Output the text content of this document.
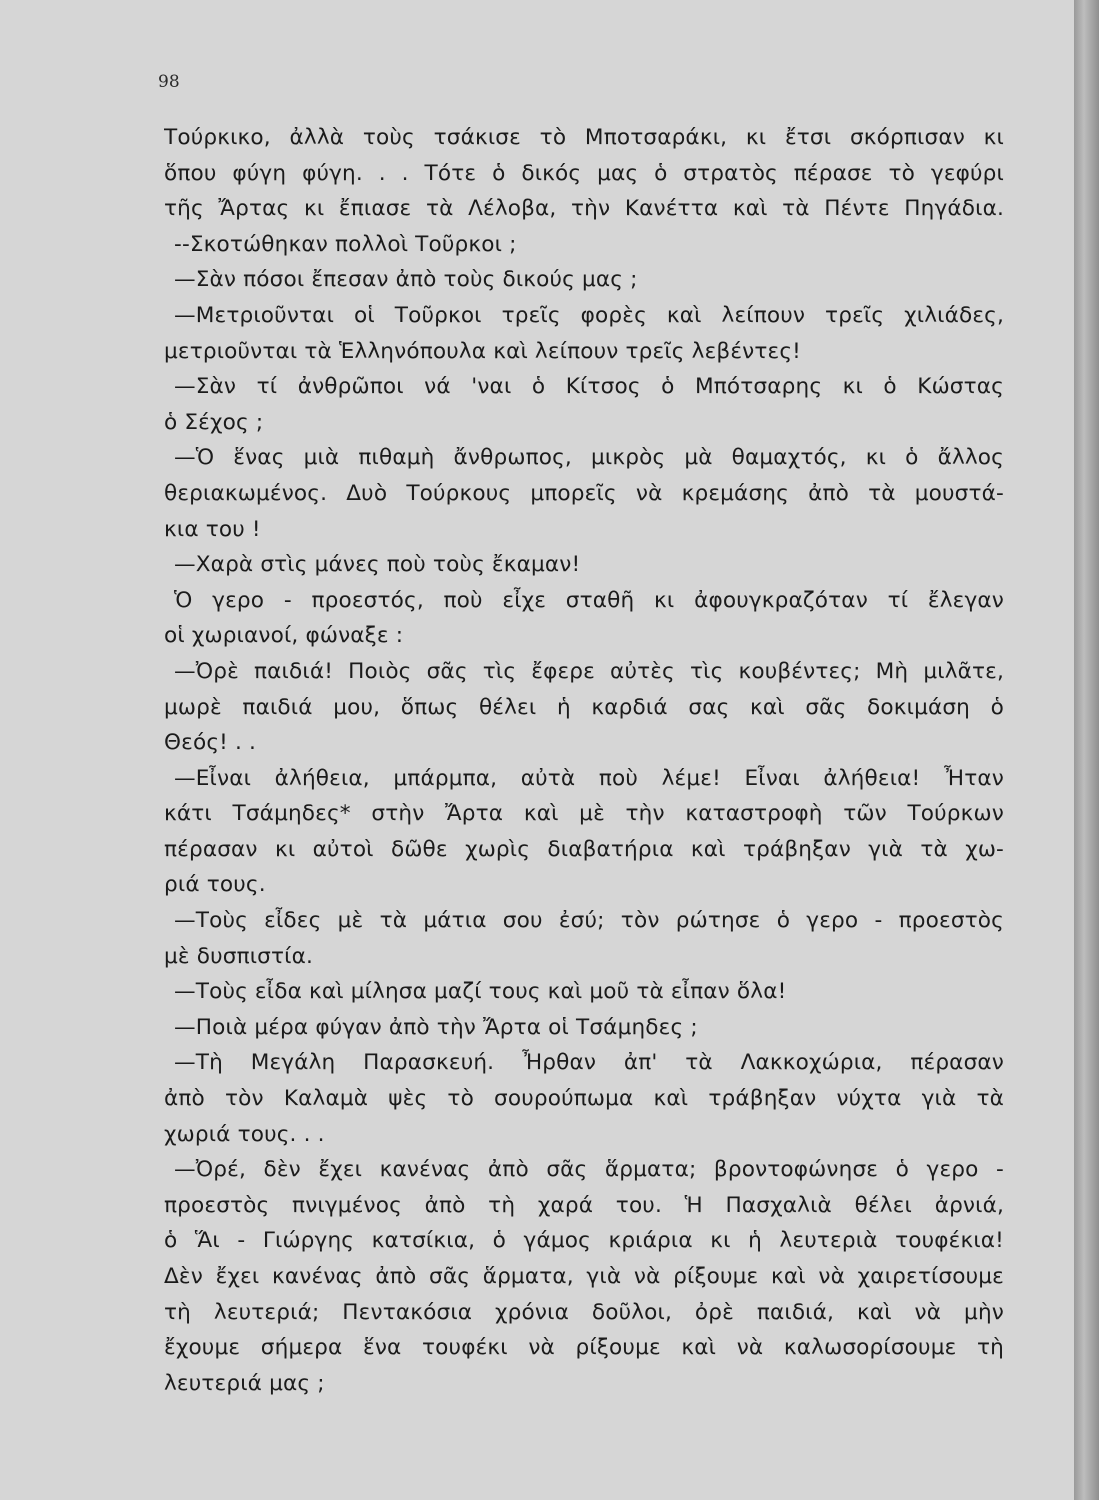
98
Τούρκικο, ἀλλὰ τοὺς τσάκισε τὸ Μποτσαράκι, κι ἔτσι σκόρπισαν κι
ὅπου φύγη φύγη. . . Τότε ὁ δικός μας ὁ στρατὸς πέρασε τὸ γεφύρι
τῆς Ἄρτας κι ἔπιασε τὰ Λέλοβα, τὴν Κανέττα καὶ τὰ Πέντε Πηγάδια.
--Σκοτώθηκαν πολλοὶ Τοῦρκοι ;
—Σὰν πόσοι ἔπεσαν ἀπὸ τοὺς δικούς μας ;
—Μετριοῦνται οἱ Τοῦρκοι τρεῖς φορὲς καὶ λείπουν τρεῖς χιλιάδες,
μετριοῦνται τὰ Ἑλληνόπουλα καὶ λείπουν τρεῖς λεβέντες!
—Σὰν τί ἀνθρῶποι νά 'ναι ὁ Κίτσος ὁ Μπότσαρης κι ὁ Κώστας
ὁ Σέχος ;
—Ὁ ἕνας μιὰ πιθαμὴ ἄνθρωπος, μικρὸς μὰ θαμαχτός, κι ὁ ἄλλος
θεριακωμένος. Δυὸ Τούρκους μπορεῖς νὰ κρεμάσης ἀπὸ τὰ μουστά-
κια του !
—Χαρὰ στὶς μάνες ποὺ τοὺς ἔκαμαν!
Ὁ γερο - προεστός, ποὺ εἶχε σταθῆ κι ἀφουγκραζόταν τί ἔλεγαν
οἱ χωριανοί, φώναξε :
—Ὀρὲ παιδιά! Ποιὸς σᾶς τὶς ἔφερε αὐτὲς τὶς κουβέντες; Μὴ μιλᾶτε,
μωρὲ παιδιά μου, ὅπως θέλει ἡ καρδιά σας καὶ σᾶς δοκιμάση ὁ
Θεός! . .
—Εἶναι ἀλήθεια, μπάρμπα, αὐτὰ ποὺ λέμε! Εἶναι ἀλήθεια! Ἦταν
κάτι Τσάμηδες* στὴν Ἄρτα καὶ μὲ τὴν καταστροφὴ τῶν Τούρκων
πέρασαν κι αὐτοὶ δῶθε χωρὶς διαβατήρια καὶ τράβηξαν γιὰ τὰ χω-
ριά τους.
—Τοὺς εἶδες μὲ τὰ μάτια σου ἐσύ; τὸν ρώτησε ὁ γερο - προεστὸς
μὲ δυσπιστία.
—Τοὺς εἶδα καὶ μίλησα μαζί τους καὶ μοῦ τὰ εἶπαν ὅλα!
—Ποιὰ μέρα φύγαν ἀπὸ τὴν Ἄρτα οἱ Τσάμηδες ;
—Τὴ Μεγάλη Παρασκευή. Ἦρθαν ἀπ' τὰ Λακκοχώρια, πέρασαν
ἀπὸ τὸν Καλαμὰ ψὲς τὸ σουρούπωμα καὶ τράβηξαν νύχτα γιὰ τὰ
χωριά τους. . .
—Ὀρέ, δὲν ἔχει κανένας ἀπὸ σᾶς ἅρματα; βροντοφώνησε ὁ γερο -
προεστὸς πνιγμένος ἀπὸ τὴ χαρά του. Ἡ Πασχαλιὰ θέλει ἀρνιά,
ὁ Ἅι - Γιώργης κατσίκια, ὁ γάμος κριάρια κι ἡ λευτεριὰ τουφέκια!
Δὲν ἔχει κανένας ἀπὸ σᾶς ἅρματα, γιὰ νὰ ρίξουμε καὶ νὰ χαιρετίσουμε
τὴ λευτεριά; Πεντακόσια χρόνια δοῦλοι, ὀρὲ παιδιά, καὶ νὰ μὴν
ἔχουμε σήμερα ἕνα τουφέκι νὰ ρίξουμε καὶ νὰ καλωσορίσουμε τὴ
λευτεριά μας ;
